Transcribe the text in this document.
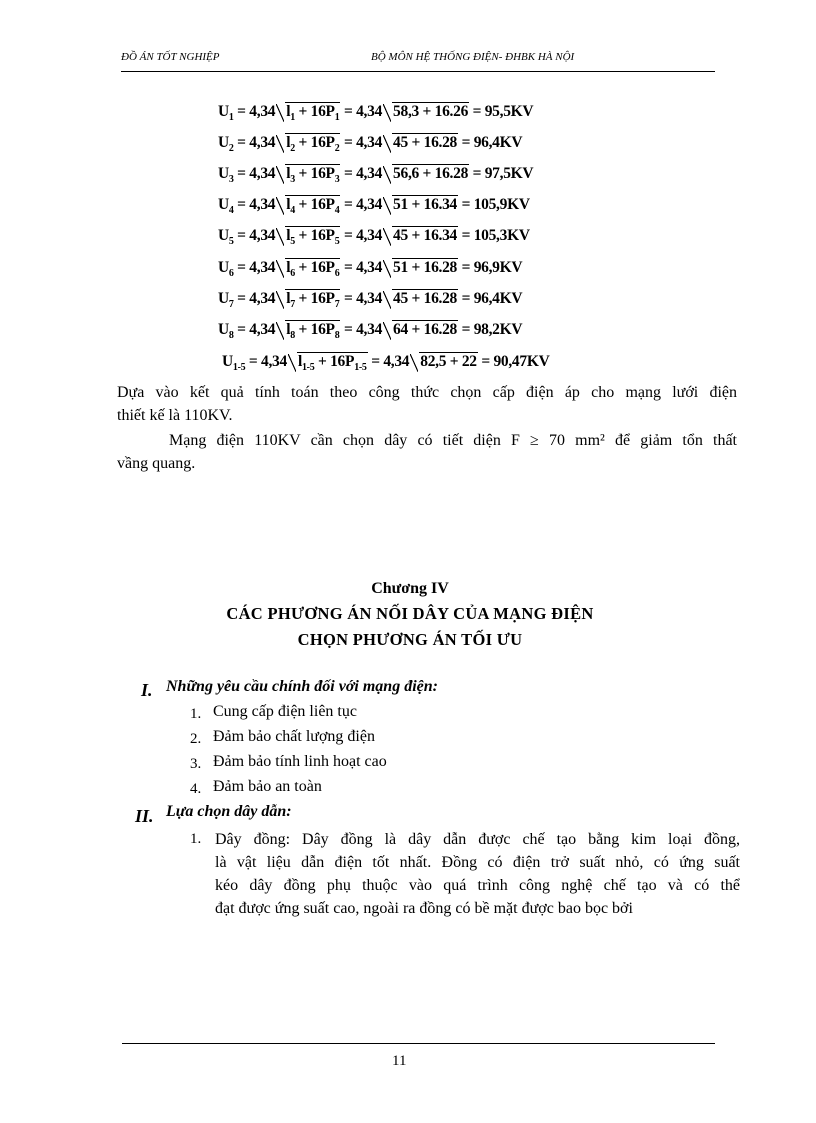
ĐỒ ÁN TỐT NGHIỆP	BỘ MÔN HỆ THỐNG ĐIỆN- ĐHBK HÀ NỘI
$U_1 = 4,34$ $l_1 + 16P_1 = 4,34$ 58,3 + 16.26 = 95,5KV
$U_2 = 4,34$ $l_2 + 16P_2 = 4,34$ 45 + 16.28 = 96,4KV
$U_3 = 4,34$ $l_3 + 16P_3 = 4,34$ 56,6 + 16.28 = 97,5KV
$U_4 = 4,34$ $l_4 + 16P_4 = 4,34$ 51 + 16.34 = 105,9KV
$U_5 = 4,34$ $l_5 + 16P_5 = 4,34$ 45 + 16.34 = 105,3KV
$U_6 = 4,34$ $l_6 + 16P_6 = 4,34$ 51 + 16.28 = 96,9KV
$U_7 = 4,34$ $l_7 + 16P_7 = 4,34$ 45 + 16.28 = 96,4KV
$U_8 = 4,34$ $l_8 + 16P_8 = 4,34$ 64 + 16.28 = 98,2KV
$U_{1-5} = 4,34$ $l_{1-5} + 16P_{1-5} = 4,34$ 82,5 + 22 = 90,47KV
Dựa vào kết quả tính toán theo công thức chọn cấp điện áp cho mạng lưới điện
thiết kế là 110KV.
Mạng điện 110KV cần chọn dây có tiết diện F ≥ 70 mm² để giảm tổn thất
vầng quang.
Chương IV
CÁC PHƯƠNG ÁN NỐI DÂY CỦA MẠNG ĐIỆN
CHỌN PHƯƠNG ÁN TỐI ƯU
I. Những yêu cầu chính đối với mạng điện:
1. Cung cấp điện liên tục
2. Đảm bảo chất lượng điện
3. Đảm bảo tính linh hoạt cao
4. Đảm bảo an toàn
II. Lựa chọn dây dẫn:
1. Dây đồng: Dây đồng là dây dẫn được chế tạo bằng kim loại đồng,
là vật liệu dẫn điện tốt nhất. Đồng có điện trở suất nhỏ, có ứng suất
kéo dây đồng phụ thuộc vào quá trình công nghệ chế tạo và có thể
đạt được ứng suất cao, ngoài ra đồng có bề mặt được bao bọc bởi
11
